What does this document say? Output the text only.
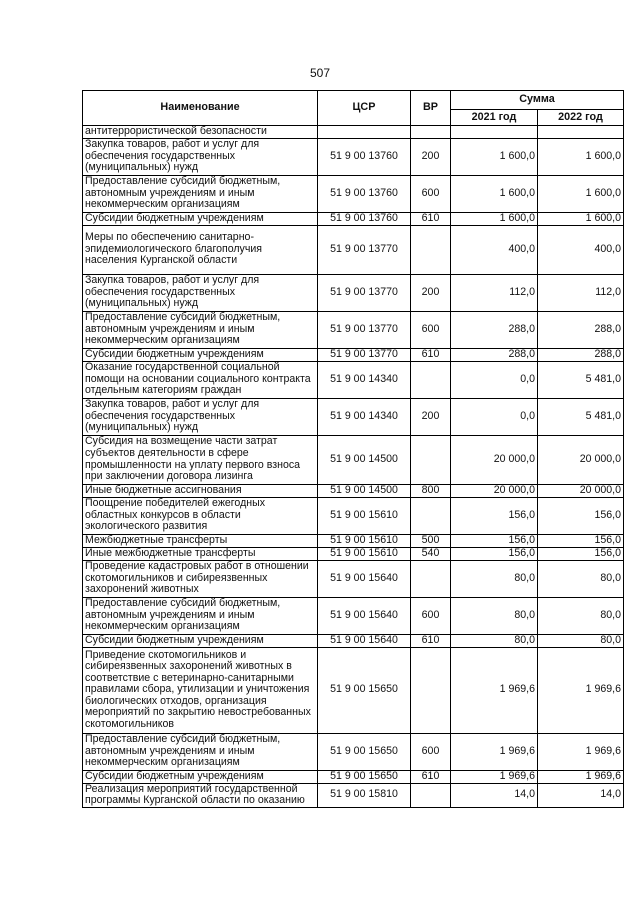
507
Наименование	ЦСР	ВР	Сумма	
			2021 год	2022 год
антитеррористической безопасности				
Закупка товаров, работ и услуг для обеспечения государственных (муниципальных) нужд	51 9 00 13760	200	1 600,0	1 600,0
Предоставление субсидий бюджетным, автономным учреждениям и иным некоммерческим организациям	51 9 00 13760	600	1 600,0	1 600,0
Субсидии бюджетным учреждениям	51 9 00 13760	610	1 600,0	1 600,0
Меры по обеспечению санитарно-эпидемиологического благополучия населения Курганской области	51 9 00 13770		400,0	400,0
Закупка товаров, работ и услуг для обеспечения государственных (муниципальных) нужд	51 9 00 13770	200	112,0	112,0
Предоставление субсидий бюджетным, автономным учреждениям и иным некоммерческим организациям	51 9 00 13770	600	288,0	288,0
Субсидии бюджетным учреждениям	51 9 00 13770	610	288,0	288,0
Оказание государственной социальной помощи на основании социального контракта отдельным категориям граждан	51 9 00 14340		0,0	5 481,0
Закупка товаров, работ и услуг для обеспечения государственных (муниципальных) нужд	51 9 00 14340	200	0,0	5 481,0
Субсидия на возмещение части затрат субъектов деятельности в сфере промышленности на уплату первого взноса при заключении договора лизинга	51 9 00 14500		20 000,0	20 000,0
Иные бюджетные ассигнования	51 9 00 14500	800	20 000,0	20 000,0
Поощрение победителей ежегодных областных конкурсов в области экологического развития	51 9 00 15610		156,0	156,0
Межбюджетные трансферты	51 9 00 15610	500	156,0	156,0
Иные межбюджетные трансферты	51 9 00 15610	540	156,0	156,0
Проведение кадастровых работ в отношении скотомогильников и сибиреязвенных захоронений животных	51 9 00 15640		80,0	80,0
Предоставление субсидий бюджетным, автономным учреждениям и иным некоммерческим организациям	51 9 00 15640	600	80,0	80,0
Субсидии бюджетным учреждениям	51 9 00 15640	610	80,0	80,0
Приведение скотомогильников и сибиреязвенных захоронений животных в соответствие с ветеринарно-санитарными правилами сбора, утилизации и уничтожения биологических отходов, организация мероприятий по закрытию невостребованных скотомогильников	51 9 00 15650		1 969,6	1 969,6
Предоставление субсидий бюджетным, автономным учреждениям и иным некоммерческим организациям	51 9 00 15650	600	1 969,6	1 969,6
Субсидии бюджетным учреждениям	51 9 00 15650	610	1 969,6	1 969,6
Реализация мероприятий государственной программы Курганской области по оказанию	51 9 00 15810		14,0	14,0
